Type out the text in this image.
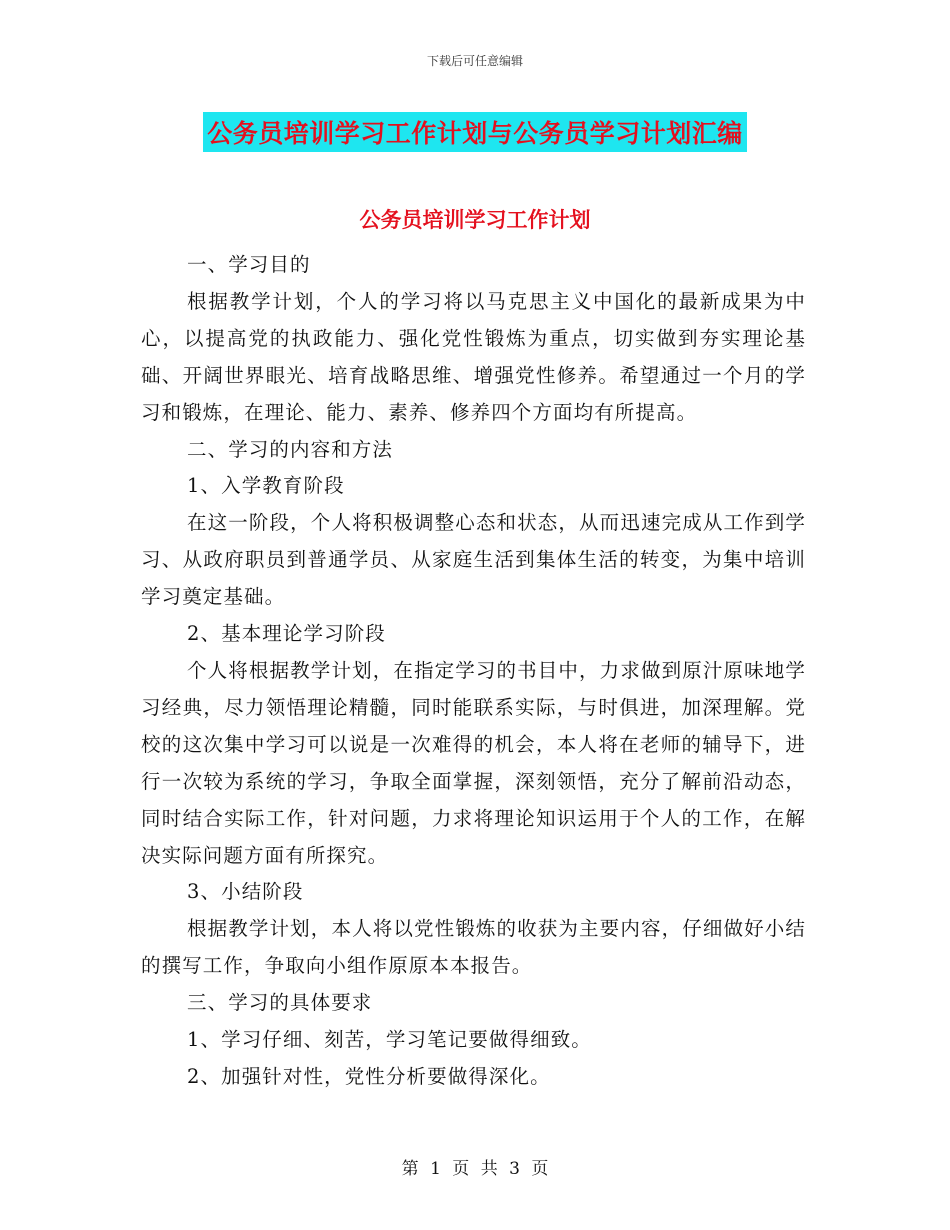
下载后可任意编辑
公务员培训学习工作计划与公务员学习计划汇编
公务员培训学习工作计划

一、学习目的

根据教学计划，个人的学习将以马克思主义中国化的最新成果为中心，以提高党的执政能力、强化党性锻炼为重点，切实做到夯实理论基础、开阔世界眼光、培育战略思维、增强党性修养。希望通过一个月的学习和锻炼，在理论、能力、素养、修养四个方面均有所提高。

二、学习的内容和方法

1、入学教育阶段

在这一阶段，个人将积极调整心态和状态，从而迅速完成从工作到学习、从政府职员到普通学员、从家庭生活到集体生活的转变，为集中培训学习奠定基础。

2、基本理论学习阶段

个人将根据教学计划，在指定学习的书目中，力求做到原汁原味地学习经典，尽力领悟理论精髓，同时能联系实际，与时俱进，加深理解。党校的这次集中学习可以说是一次难得的机会，本人将在老师的辅导下，进行一次较为系统的学习，争取全面掌握，深刻领悟，充分了解前沿动态，同时结合实际工作，针对问题，力求将理论知识运用于个人的工作，在解决实际问题方面有所探究。

3、小结阶段

根据教学计划，本人将以党性锻炼的收获为主要内容，仔细做好小结的撰写工作，争取向小组作原原本本报告。

三、学习的具体要求

1、学习仔细、刻苦，学习笔记要做得细致。

2、加强针对性，党性分析要做得深化。

第 1 页 共 3 页
